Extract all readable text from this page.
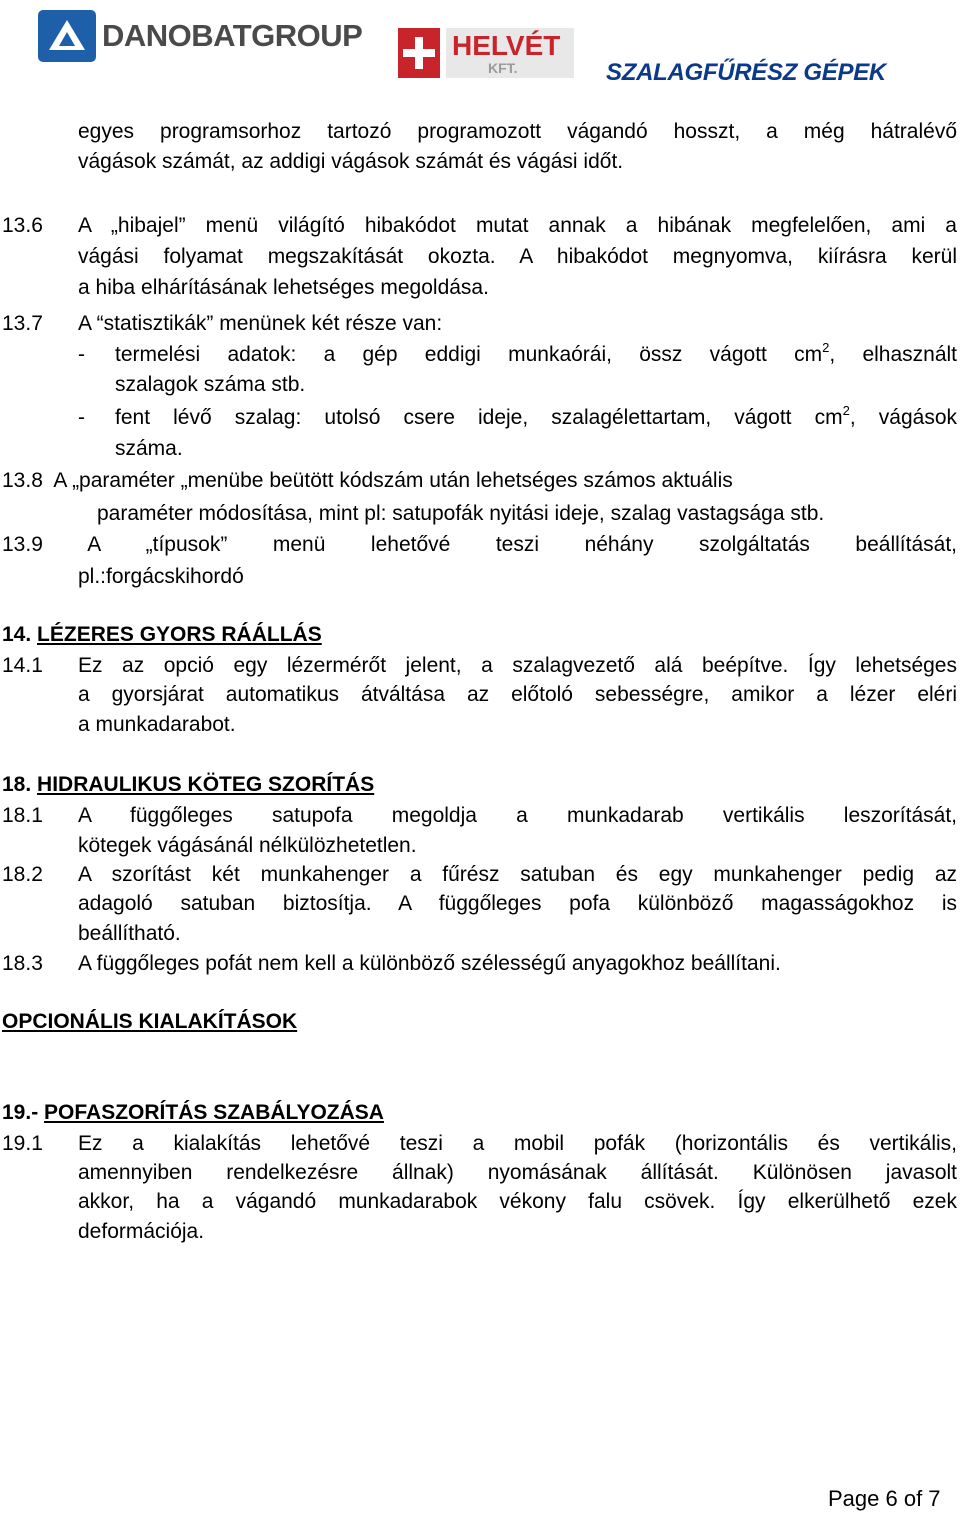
DANOBATGROUP	HELVÉT
KFT.	SZALAGFŰRÉSZ GÉPEK
egyes programsorhoz tartozó programozott vágandó hosszt, a még hátralévő
vágások számát, az addigi vágások számát és vágási időt.
13.6 A „hibajel” menü világító hibakódot mutat annak a hibának megfelelően, ami a
vágási folyamat megszakítását okozta. A hibakódot megnyomva, kiírásra kerül
a hiba elhárításának lehetséges megoldása.
13.7 A “statisztikák” menünek két része van:
- termelési adatok: a gép eddigi munkaórái, össz vágott $cm^2$, elhasznált
szalagok száma stb.
- fent lévő szalag: utolsó csere ideje, szalagélettartam, vágott $cm^2$, vágások
száma.
13.8  A „paraméter „menübe beütött kódszám után lehetséges számos aktuális
paraméter módosítása, mint pl: satupofák nyitási ideje, szalag vastagsága stb.
13.9 A „típusok” menü lehetővé teszi néhány szolgáltatás beállítását,
pl.:forgácskihordó
14. LÉZERES GYORS RÁÁLLÁS
14.1 Ez az opció egy lézermérőt jelent, a szalagvezető alá beépítve. Így lehetséges
a gyorsjárat automatikus átváltása az előtoló sebességre, amikor a lézer eléri
a munkadarabot.
18. HIDRAULIKUS KÖTEG SZORÍTÁS
18.1 A függőleges satupofa megoldja a munkadarab vertikális leszorítását,
kötegek vágásánál nélkülözhetetlen.
18.2 A szorítást két munkahenger a fűrész satuban és egy munkahenger pedig az
adagoló satuban biztosítja. A függőleges pofa különböző magasságokhoz is
beállítható.
18.3 A függőleges pofát nem kell a különböző szélességű anyagokhoz beállítani.
OPCIONÁLIS KIALAKÍTÁSOK
19.- POFASZORÍTÁS SZABÁLYOZÁSA
19.1 Ez a kialakítás lehetővé teszi a mobil pofák (horizontális és vertikális,
amennyiben rendelkezésre állnak) nyomásának állítását. Különösen javasolt
akkor, ha a vágandó munkadarabok vékony falu csövek. Így elkerülhető ezek
deformációja.
Page 6 of 7
